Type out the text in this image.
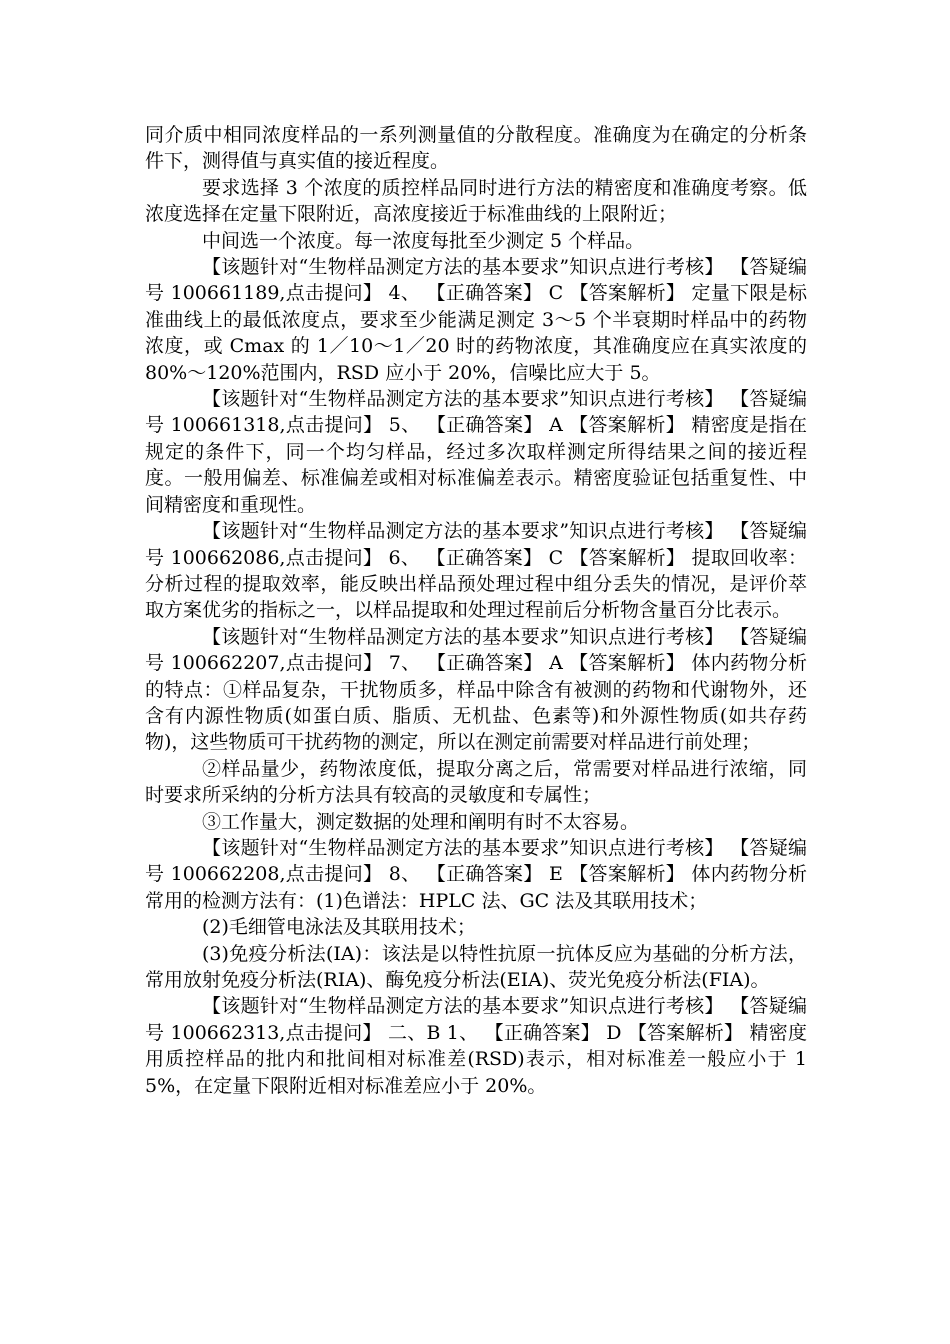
同介质中相同浓度样品的一系列测量值的分散程度。准确度为在确定的分析条件下，测得值与真实值的接近程度。

要求选择 3 个浓度的质控样品同时进行方法的精密度和准确度考察。低浓度选择在定量下限附近，高浓度接近于标准曲线的上限附近；

中间选一个浓度。每一浓度每批至少测定 5 个样品。

【该题针对“生物样品测定方法的基本要求”知识点进行考核】 【答疑编号 100661189,点击提问】 4、 【正确答案】 C 【答案解析】 定量下限是标准曲线上的最低浓度点，要求至少能满足测定 3～5 个半衰期时样品中的药物浓度，或 Cmax 的 1／10～1／20 时的药物浓度，其准确度应在真实浓度的 80%～120%范围内，RSD 应小于 20%，信噪比应大于 5。

【该题针对“生物样品测定方法的基本要求”知识点进行考核】 【答疑编号 100661318,点击提问】 5、 【正确答案】 A 【答案解析】 精密度是指在规定的条件下，同一个均匀样品，经过多次取样测定所得结果之间的接近程度。一般用偏差、标准偏差或相对标准偏差表示。精密度验证包括重复性、中间精密度和重现性。

【该题针对“生物样品测定方法的基本要求”知识点进行考核】 【答疑编号 100662086,点击提问】 6、 【正确答案】 C 【答案解析】 提取回收率：分析过程的提取效率，能反映出样品预处理过程中组分丢失的情况，是评价萃取方案优劣的指标之一，以样品提取和处理过程前后分析物含量百分比表示。

【该题针对“生物样品测定方法的基本要求”知识点进行考核】 【答疑编号 100662207,点击提问】 7、 【正确答案】 A 【答案解析】 体内药物分析的特点：①样品复杂，干扰物质多，样品中除含有被测的药物和代谢物外，还含有内源性物质(如蛋白质、脂质、无机盐、色素等)和外源性物质(如共存药物)，这些物质可干扰药物的测定，所以在测定前需要对样品进行前处理；

②样品量少，药物浓度低，提取分离之后，常需要对样品进行浓缩，同时要求所采纳的分析方法具有较高的灵敏度和专属性；

③工作量大，测定数据的处理和阐明有时不太容易。

【该题针对“生物样品测定方法的基本要求”知识点进行考核】 【答疑编号 100662208,点击提问】 8、 【正确答案】 E 【答案解析】 体内药物分析常用的检测方法有：(1)色谱法：HPLC 法、GC 法及其联用技术；

(2)毛细管电泳法及其联用技术；

(3)免疫分析法(IA)：该法是以特性抗原一抗体反应为基础的分析方法，常用放射免疫分析法(RIA)、酶免疫分析法(EIA)、荧光免疫分析法(FIA)。

【该题针对“生物样品测定方法的基本要求”知识点进行考核】 【答疑编号 100662313,点击提问】 二、B 1、 【正确答案】 D 【答案解析】 精密度用质控样品的批内和批间相对标准差(RSD)表示，相对标准差一般应小于 15%，在定量下限附近相对标准差应小于 20%。
